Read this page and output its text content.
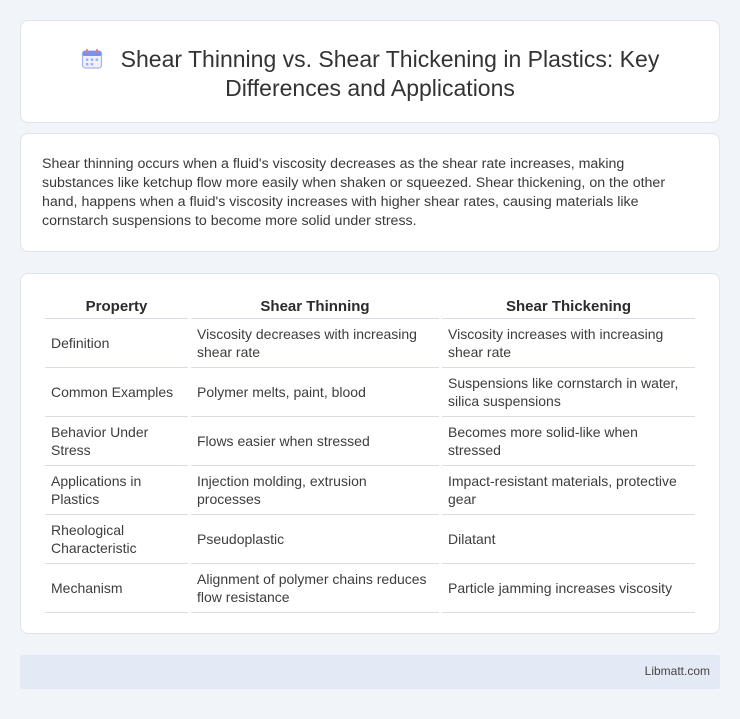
Shear Thinning vs. Shear Thickening in Plastics: Key Differences and Applications

Shear thinning occurs when a fluid's viscosity decreases as the shear rate increases, making substances like ketchup flow more easily when shaken or squeezed. Shear thickening, on the other hand, happens when a fluid's viscosity increases with higher shear rates, causing materials like cornstarch suspensions to become more solid under stress.

Property	Shear Thinning	Shear Thickening
Definition	Viscosity decreases with increasing shear rate	Viscosity increases with increasing shear rate
Common Examples	Polymer melts, paint, blood	Suspensions like cornstarch in water, silica suspensions
Behavior Under Stress	Flows easier when stressed	Becomes more solid-like when stressed
Applications in Plastics	Injection molding, extrusion processes	Impact-resistant materials, protective gear
Rheological Characteristic	Pseudoplastic	Dilatant
Mechanism	Alignment of polymer chains reduces flow resistance	Particle jamming increases viscosity
Libmatt.com
